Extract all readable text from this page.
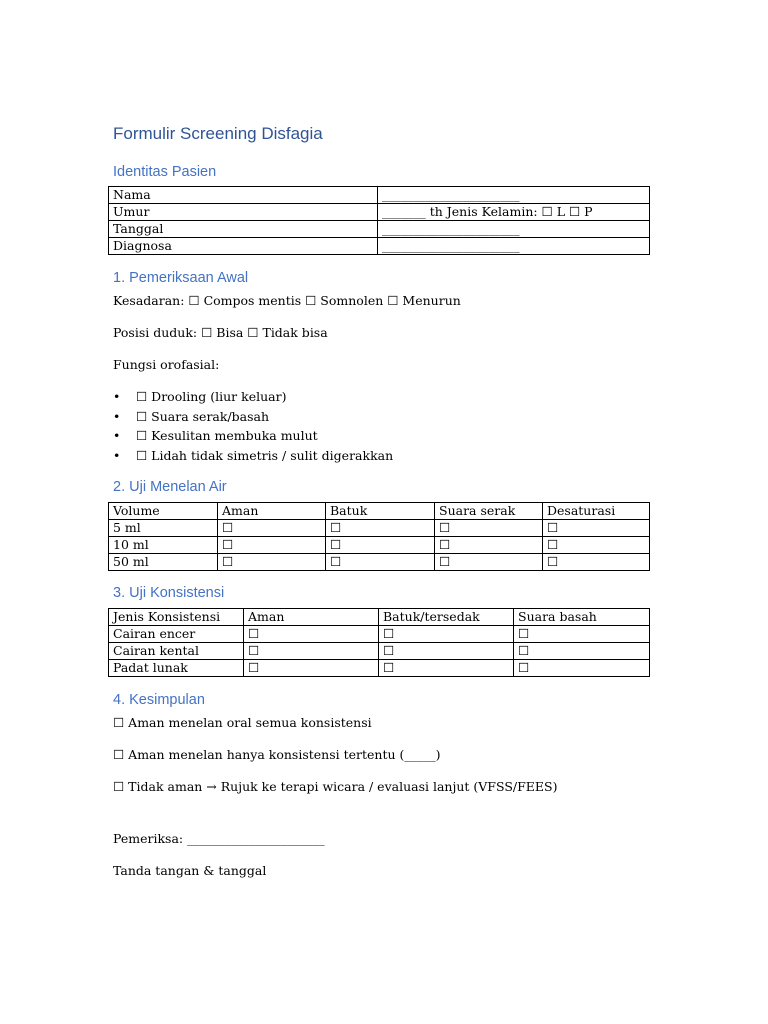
Formulir Screening Disfagia
Identitas Pasien
Nama	______________________
Umur	_______ th Jenis Kelamin: ☐ L ☐ P
Tanggal	______________________
Diagnosa	______________________
1. Pemeriksaan Awal
Kesadaran: ☐ Compos mentis ☐ Somnolen ☐ Menurun
Posisi duduk: ☐ Bisa ☐ Tidak bisa
Fungsi orofasial:
• ☐ Drooling (liur keluar)
• ☐ Suara serak/basah
• ☐ Kesulitan membuka mulut
• ☐ Lidah tidak simetris / sulit digerakkan
2. Uji Menelan Air
Volume	Aman	Batuk	Suara serak	Desaturasi
5 ml	☐	☐	☐	☐
10 ml	☐	☐	☐	☐
50 ml	☐	☐	☐	☐
3. Uji Konsistensi
Jenis Konsistensi	Aman	Batuk/tersedak	Suara basah
Cairan encer	☐	☐	☐
Cairan kental	☐	☐	☐
Padat lunak	☐	☐	☐
4. Kesimpulan
☐ Aman menelan oral semua konsistensi
☐ Aman menelan hanya konsistensi tertentu (_____)
☐ Tidak aman → Rujuk ke terapi wicara / evaluasi lanjut (VFSS/FEES)
Pemeriksa: ______________________
Tanda tangan & tanggal
